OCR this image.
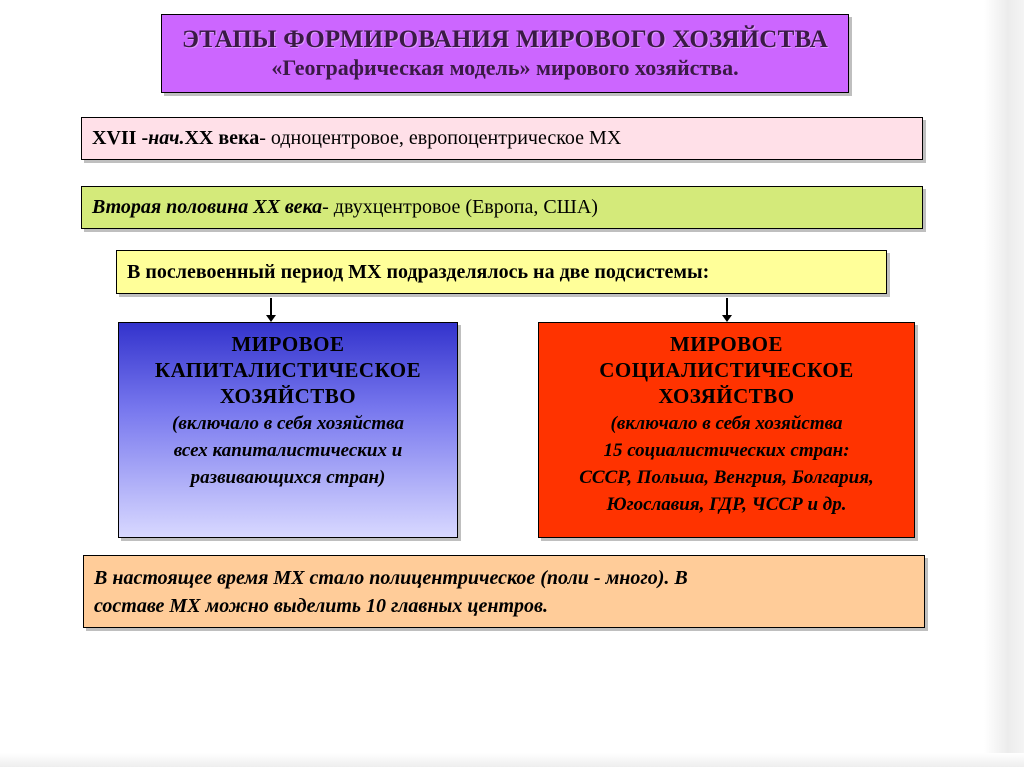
ЭТАПЫ ФОРМИРОВАНИЯ МИРОВОГО ХОЗЯЙСТВА
«Географическая модель» мирового хозяйства.
XVII - нач. XX века - одноцентровое, европоцентрическое МХ
Вторая половина XX века - двухцентровое (Европа, США)
В послевоенный период МХ подразделялось на две подсистемы:
МИРОВОЕ
КАПИТАЛИСТИЧЕСКОЕ
ХОЗЯЙСТВО
(включало в себя хозяйства
всех капиталистических и
развивающихся стран)
МИРОВОЕ
СОЦИАЛИСТИЧЕСКОЕ
ХОЗЯЙСТВО
(включало в себя хозяйства
15 социалистических стран:
СССР, Польша, Венгрия, Болгария,
Югославия, ГДР, ЧССР и др.
В настоящее время МХ стало полицентрическое (поли - много). В
составе МХ можно выделить 10 главных центров.
